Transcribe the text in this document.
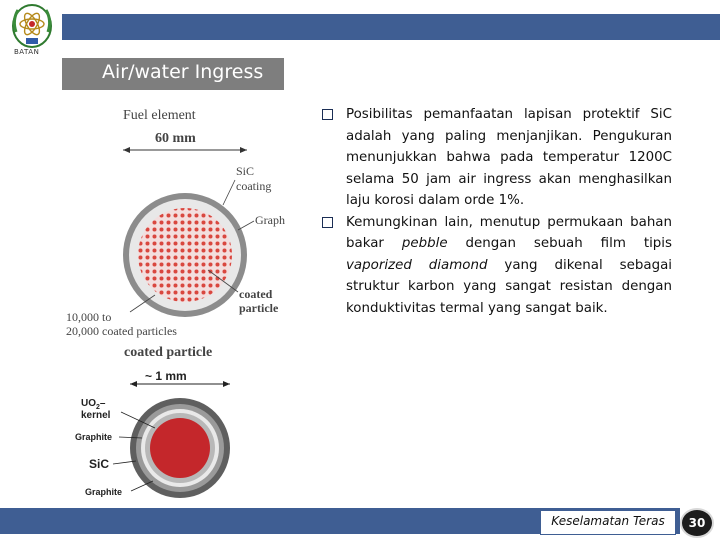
BATAN
Air/water Ingress
Fuel element
60 mm
SiC
coating
Graph
coated
particle
10,000 to
20,000 coated particles
coated particle
~ 1 mm
$UO_2-$
kernel
Graphite
SiC
Graphite
Posibilitas pemanfaatan lapisan protektif SiC adalah yang paling menjanjikan. Pengukuran menunjukkan bahwa pada temperatur 1200C selama 50 jam air ingress akan menghasilkan laju korosi dalam orde 1%.
Kemungkinan lain, menutup permukaan bahan bakar pebble dengan sebuah film tipis vaporized diamond yang dikenal sebagai struktur karbon yang sangat resistan dengan konduktivitas termal yang sangat baik.
Keselamatan Teras	30
